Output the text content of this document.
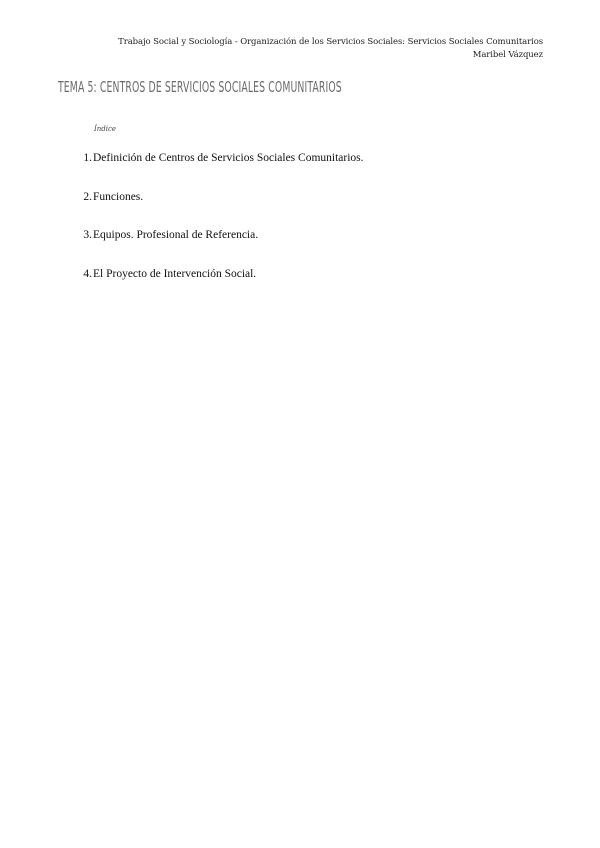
Trabajo Social y Sociología - Organización de los Servicios Sociales: Servicios Sociales Comunitarios
Maribel Vázquez
TEMA 5: CENTROS DE SERVICIOS SOCIALES COMUNITARIOS
Índice
1. Definición de Centros de Servicios Sociales Comunitarios.
2. Funciones.
3. Equipos. Profesional de Referencia.
4. El Proyecto de Intervención Social.
